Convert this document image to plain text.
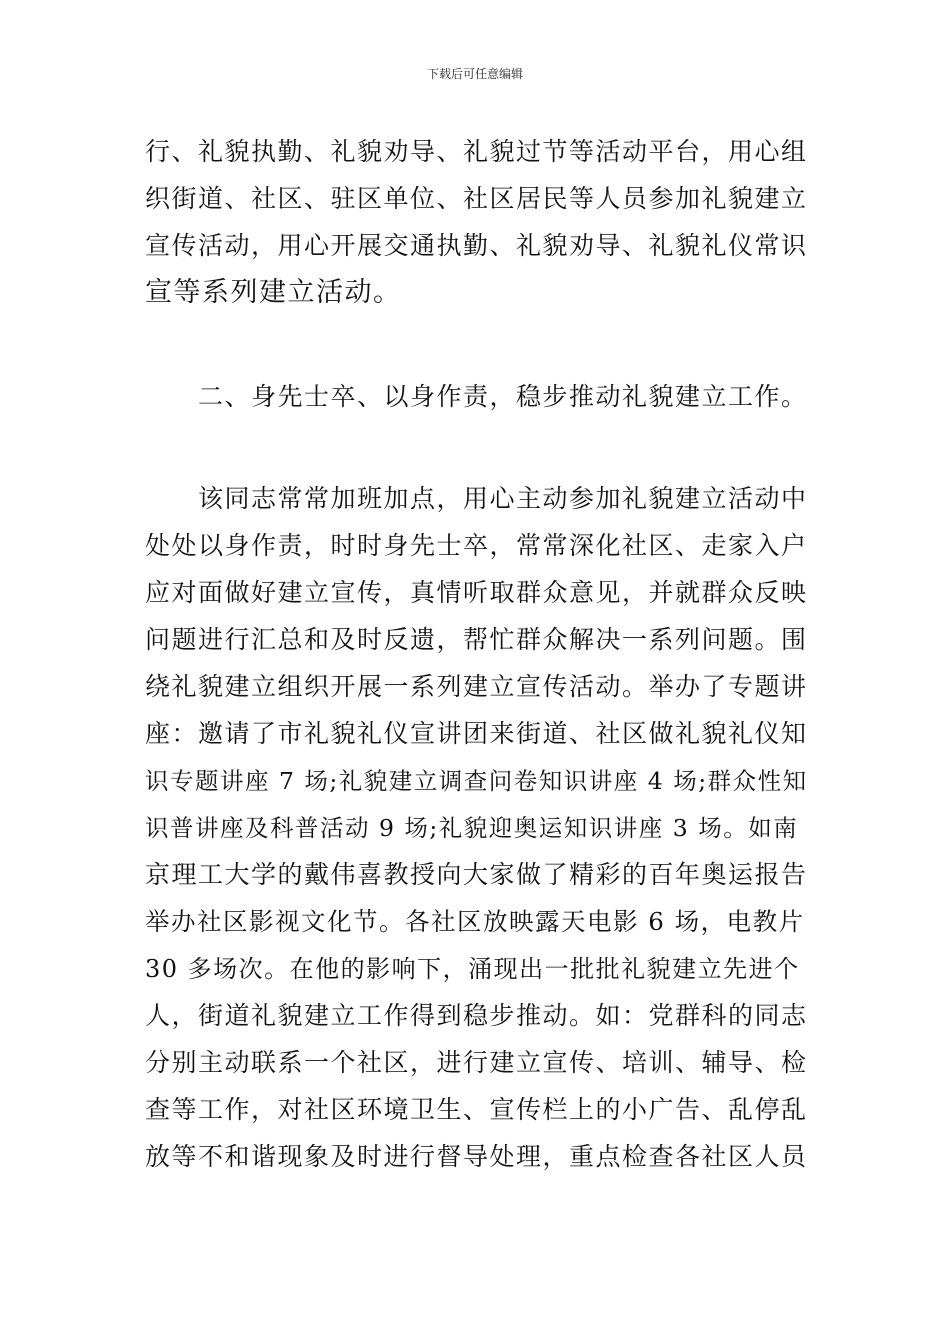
下载后可任意编辑
行、礼貌执勤、礼貌劝导、礼貌过节等活动平台，用心组
织街道、社区、驻区单位、社区居民等人员参加礼貌建立
宣传活动，用心开展交通执勤、礼貌劝导、礼貌礼仪常识
宣等系列建立活动。
二、身先士卒、以身作责，稳步推动礼貌建立工作。
该同志常常加班加点，用心主动参加礼貌建立活动中
处处以身作责，时时身先士卒，常常深化社区、走家入户
应对面做好建立宣传，真情听取群众意见，并就群众反映
问题进行汇总和及时反遗，帮忙群众解决一系列问题。围
绕礼貌建立组织开展一系列建立宣传活动。举办了专题讲
座：邀请了市礼貌礼仪宣讲团来街道、社区做礼貌礼仪知
识专题讲座 7 场;礼貌建立调查问卷知识讲座 4 场;群众性知
识普讲座及科普活动 9 场;礼貌迎奥运知识讲座 3 场。如南
京理工大学的戴伟喜教授向大家做了精彩的百年奥运报告
举办社区影视文化节。各社区放映露天电影 6 场，电教片
30 多场次。在他的影响下，涌现出一批批礼貌建立先进个
人，街道礼貌建立工作得到稳步推动。如：党群科的同志
分别主动联系一个社区，进行建立宣传、培训、辅导、检
查等工作，对社区环境卫生、宣传栏上的小广告、乱停乱
放等不和谐现象及时进行督导处理，重点检查各社区人员
